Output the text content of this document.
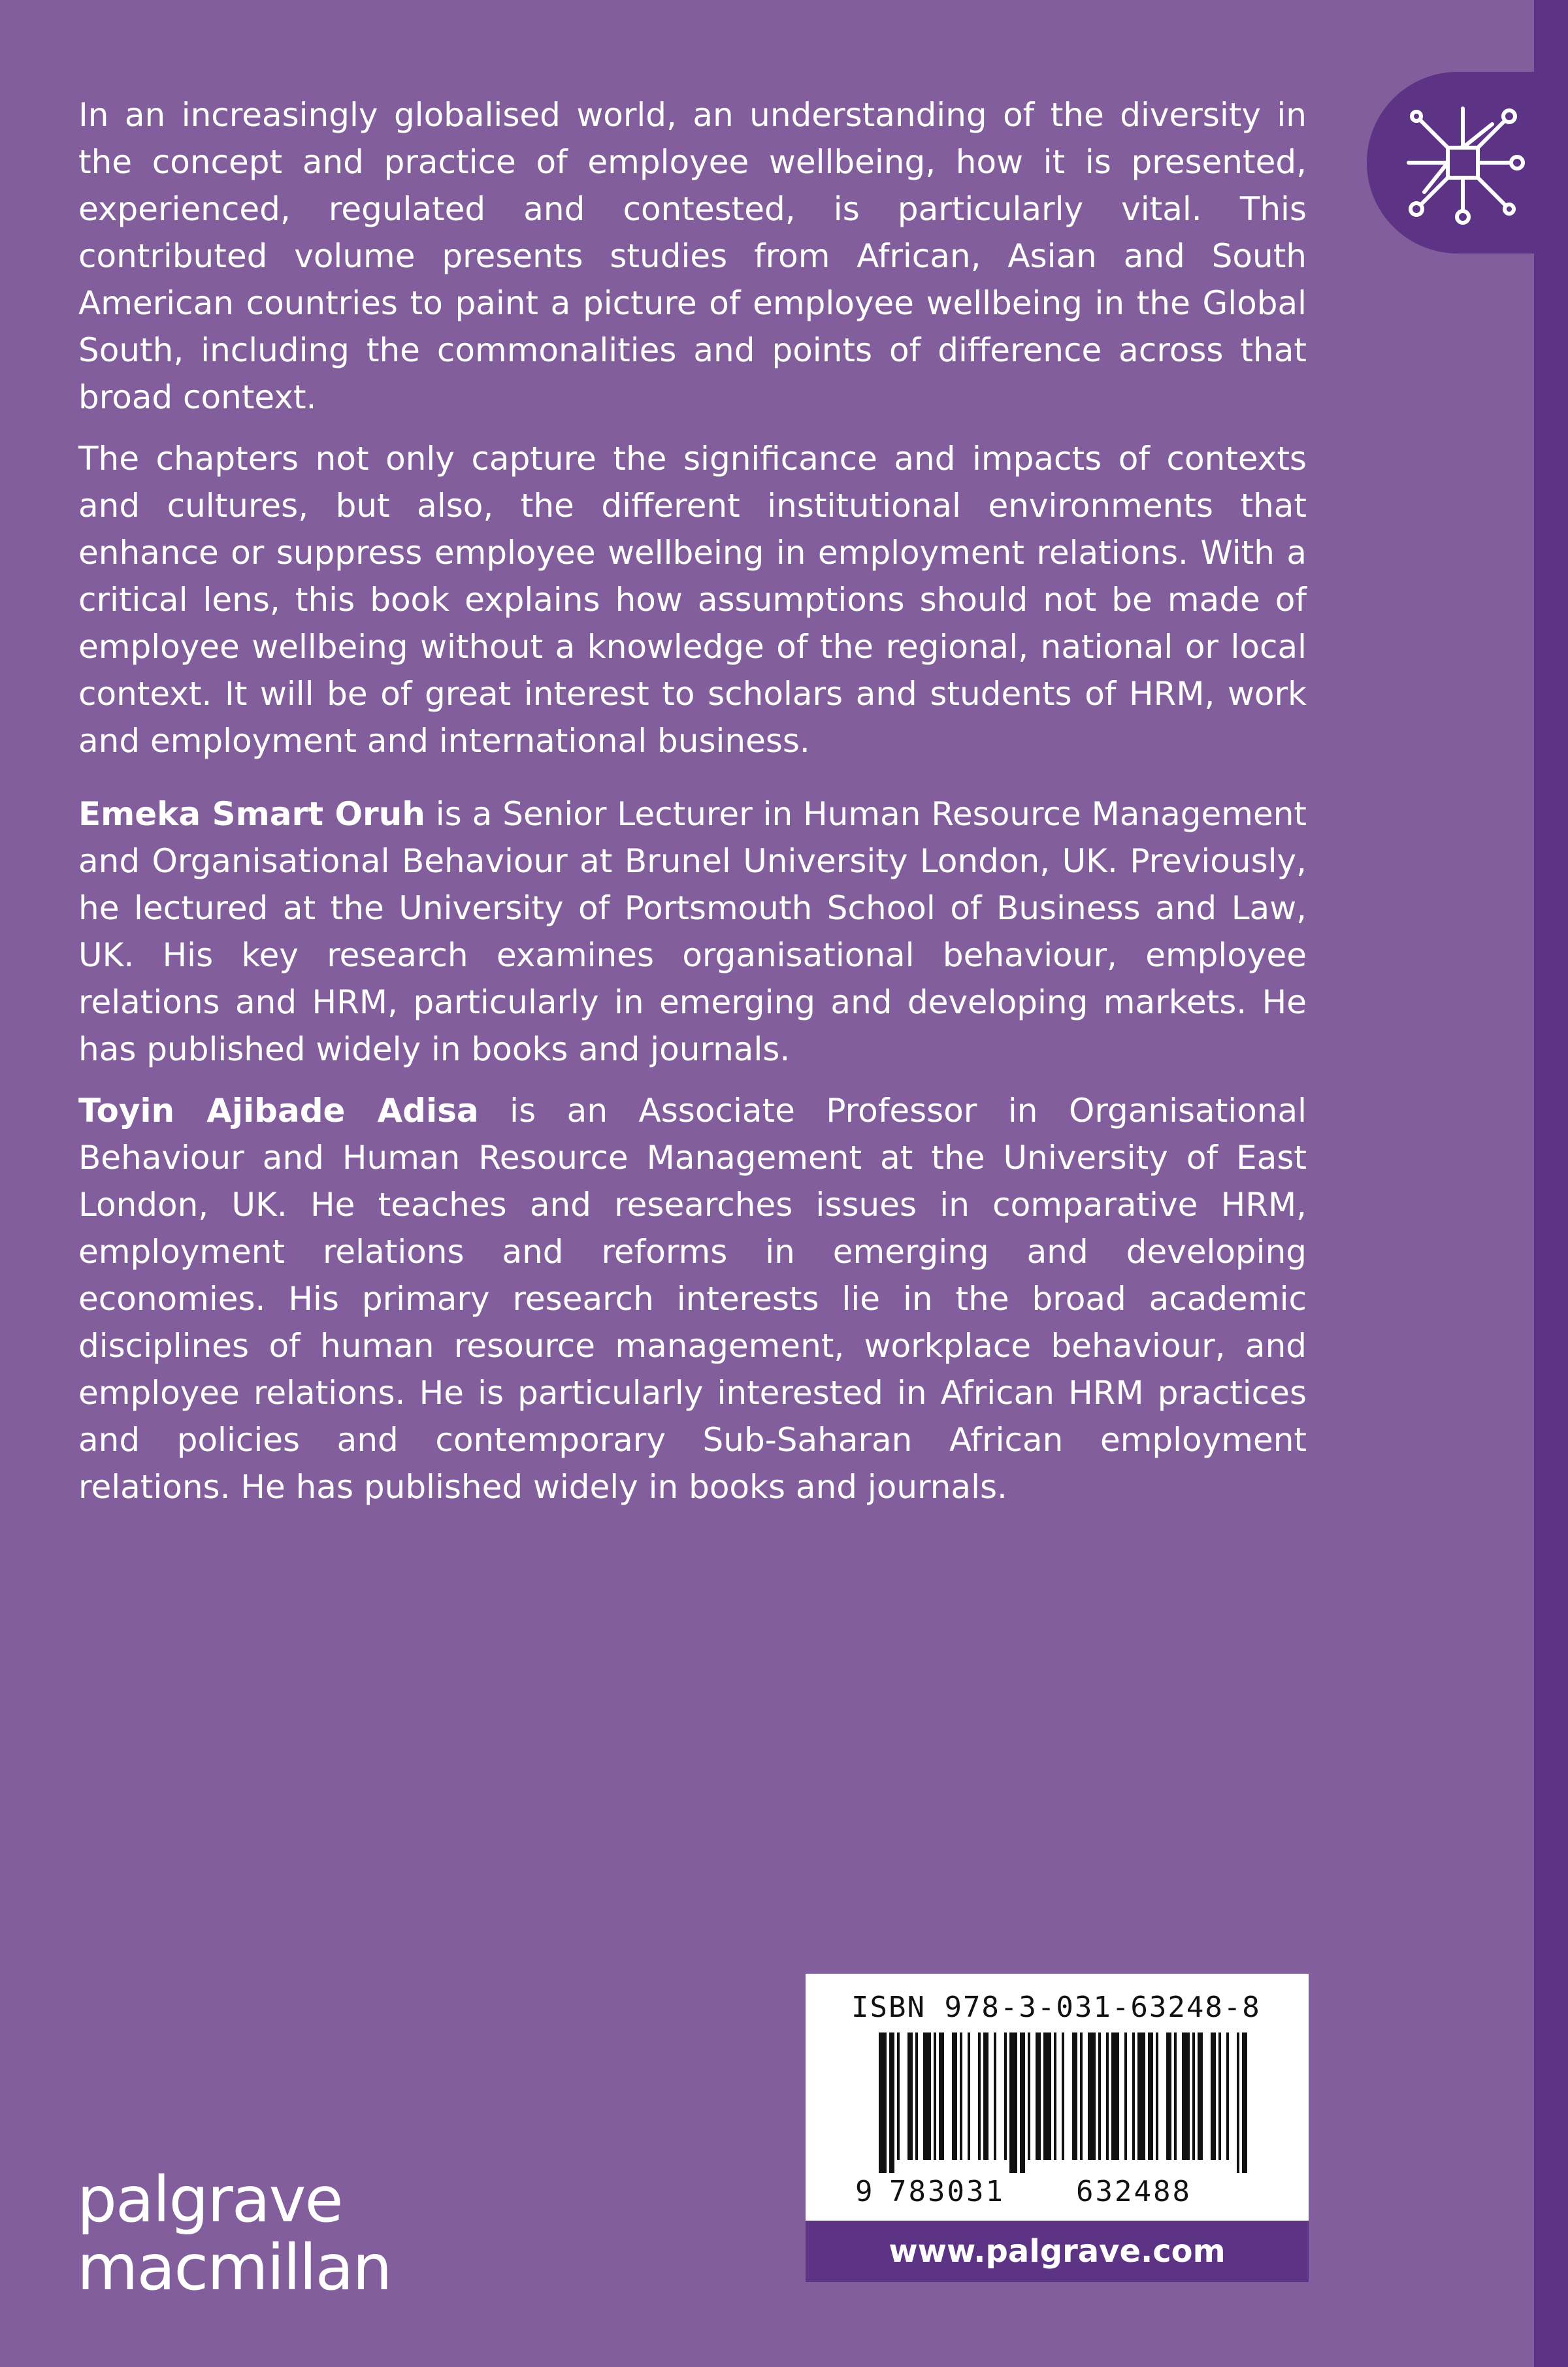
In an increasingly globalised world, an understanding of the diversity in the concept and practice of employee wellbeing, how it is presented, experienced, regulated and contested, is particularly vital. This contributed volume presents studies from African, Asian and South American countries to paint a picture of employee wellbeing in the Global South, including the commonalities and points of difference across that broad context.

The chapters not only capture the significance and impacts of contexts and cultures, but also, the different institutional environments that enhance or suppress employee wellbeing in employment relations. With a critical lens, this book explains how assumptions should not be made of employee wellbeing without a knowledge of the regional, national or local context. It will be of great interest to scholars and students of HRM, work and employment and international business.

Emeka Smart Oruh is a Senior Lecturer in Human Resource Management and Organisational Behaviour at Brunel University London, UK. Previously, he lectured at the University of Portsmouth School of Business and Law, UK. His key research examines organisational behaviour, employee relations and HRM, particularly in emerging and developing markets. He has published widely in books and journals.

Toyin Ajibade Adisa is an Associate Professor in Organisational Behaviour and Human Resource Management at the University of East London, UK. He teaches and researches issues in comparative HRM, employment relations and reforms in emerging and developing economies. His primary research interests lie in the broad academic disciplines of human resource management, workplace behaviour, and employee relations. He is particularly interested in African HRM practices and policies and contemporary Sub-Saharan African employment relations. He has published widely in books and journals.

palgrave
macmillan
ISBN 978-3-031-63248-8
9 783031 632488
www.palgrave.com
